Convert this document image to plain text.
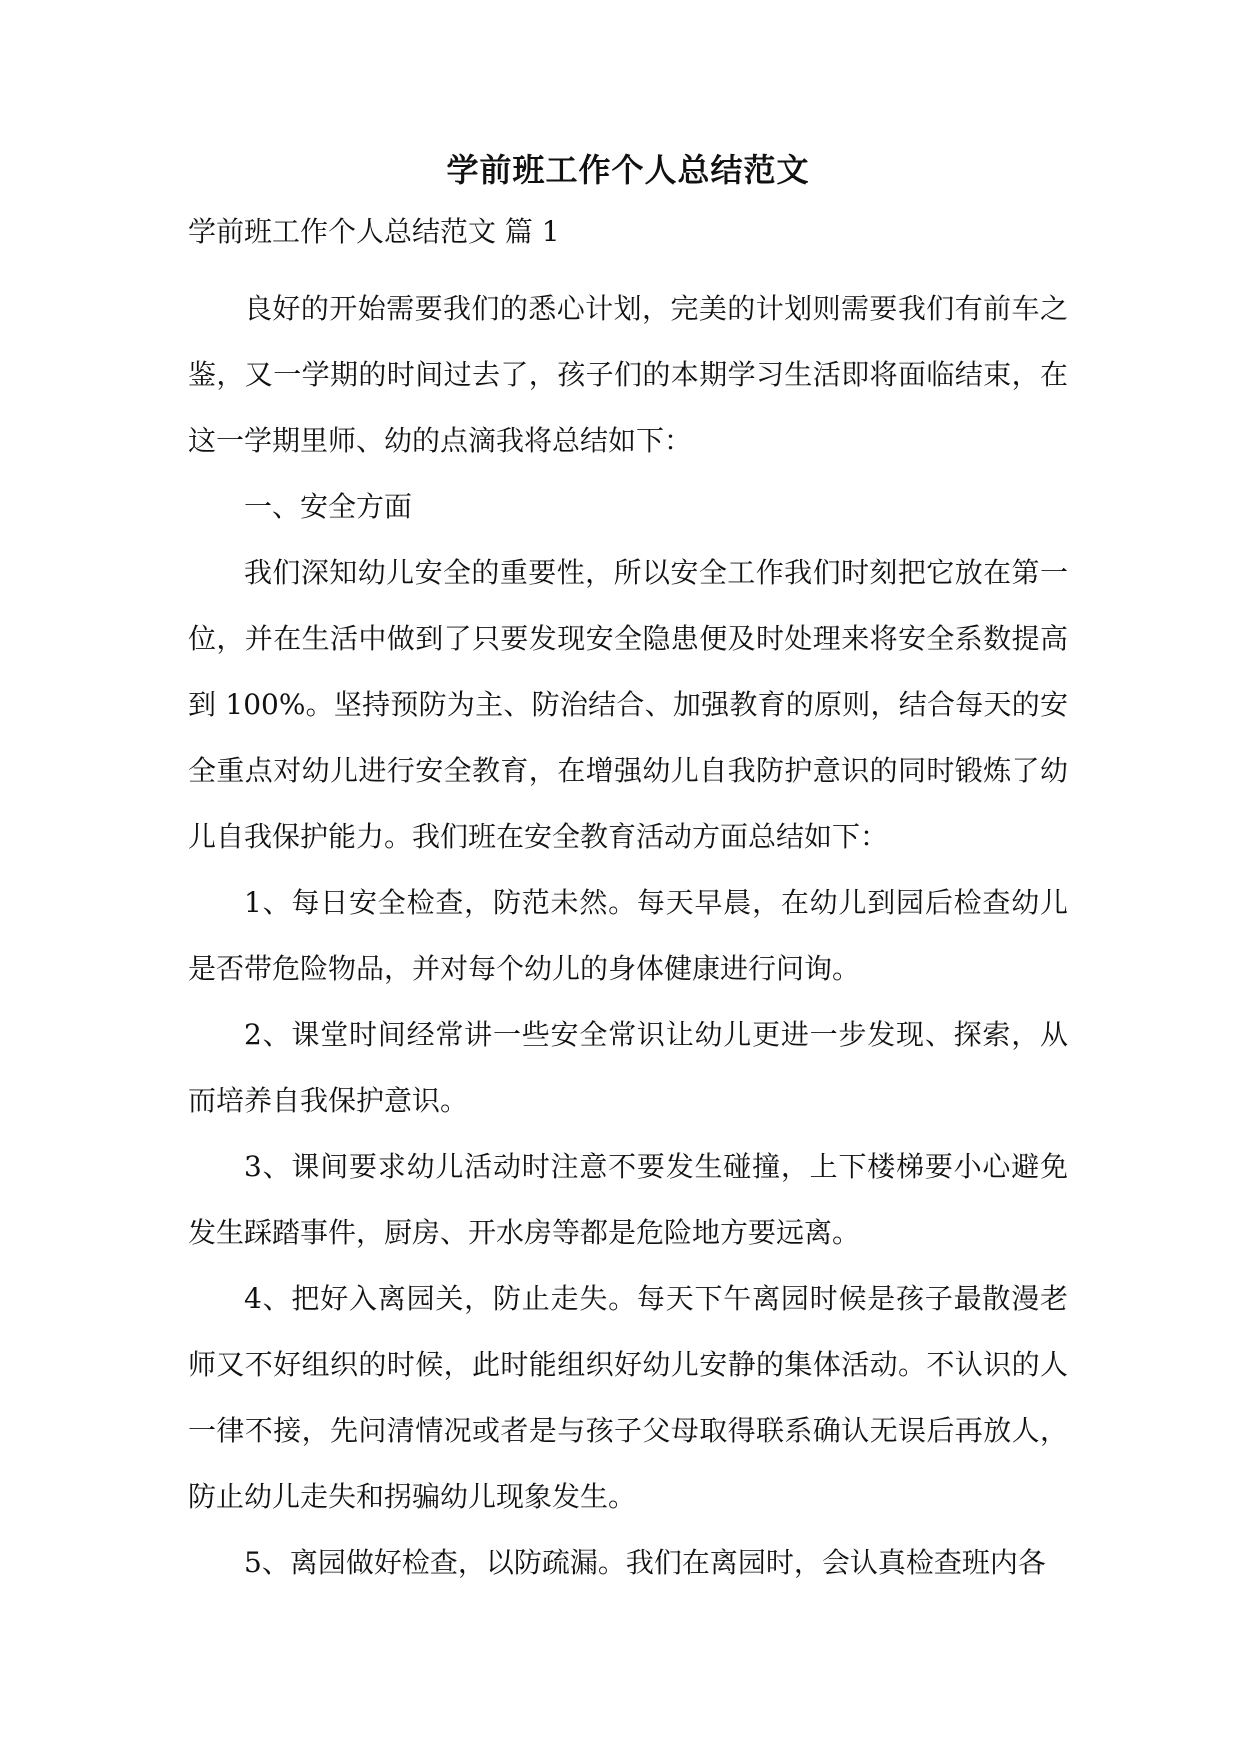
学前班工作个人总结范文

学前班工作个人总结范文 篇 1

良好的开始需要我们的悉心计划，完美的计划则需要我们有前车之鉴，又一学期的时间过去了，孩子们的本期学习生活即将面临结束，在这一学期里师、幼的点滴我将总结如下：

一、安全方面

我们深知幼儿安全的重要性，所以安全工作我们时刻把它放在第一位，并在生活中做到了只要发现安全隐患便及时处理来将安全系数提高到 100%。坚持预防为主、防治结合、加强教育的原则，结合每天的安全重点对幼儿进行安全教育，在增强幼儿自我防护意识的同时锻炼了幼儿自我保护能力。我们班在安全教育活动方面总结如下：

1、每日安全检查，防范未然。每天早晨，在幼儿到园后检查幼儿是否带危险物品，并对每个幼儿的身体健康进行问询。

2、课堂时间经常讲一些安全常识让幼儿更进一步发现、探索，从而培养自我保护意识。

3、课间要求幼儿活动时注意不要发生碰撞，上下楼梯要小心避免发生踩踏事件，厨房、开水房等都是危险地方要远离。

4、把好入离园关，防止走失。每天下午离园时候是孩子最散漫老师又不好组织的时候，此时能组织好幼儿安静的集体活动。不认识的人一律不接，先问清情况或者是与孩子父母取得联系确认无误后再放人，防止幼儿走失和拐骗幼儿现象发生。

5、离园做好检查，以防疏漏。我们在离园时，会认真检查班内各
